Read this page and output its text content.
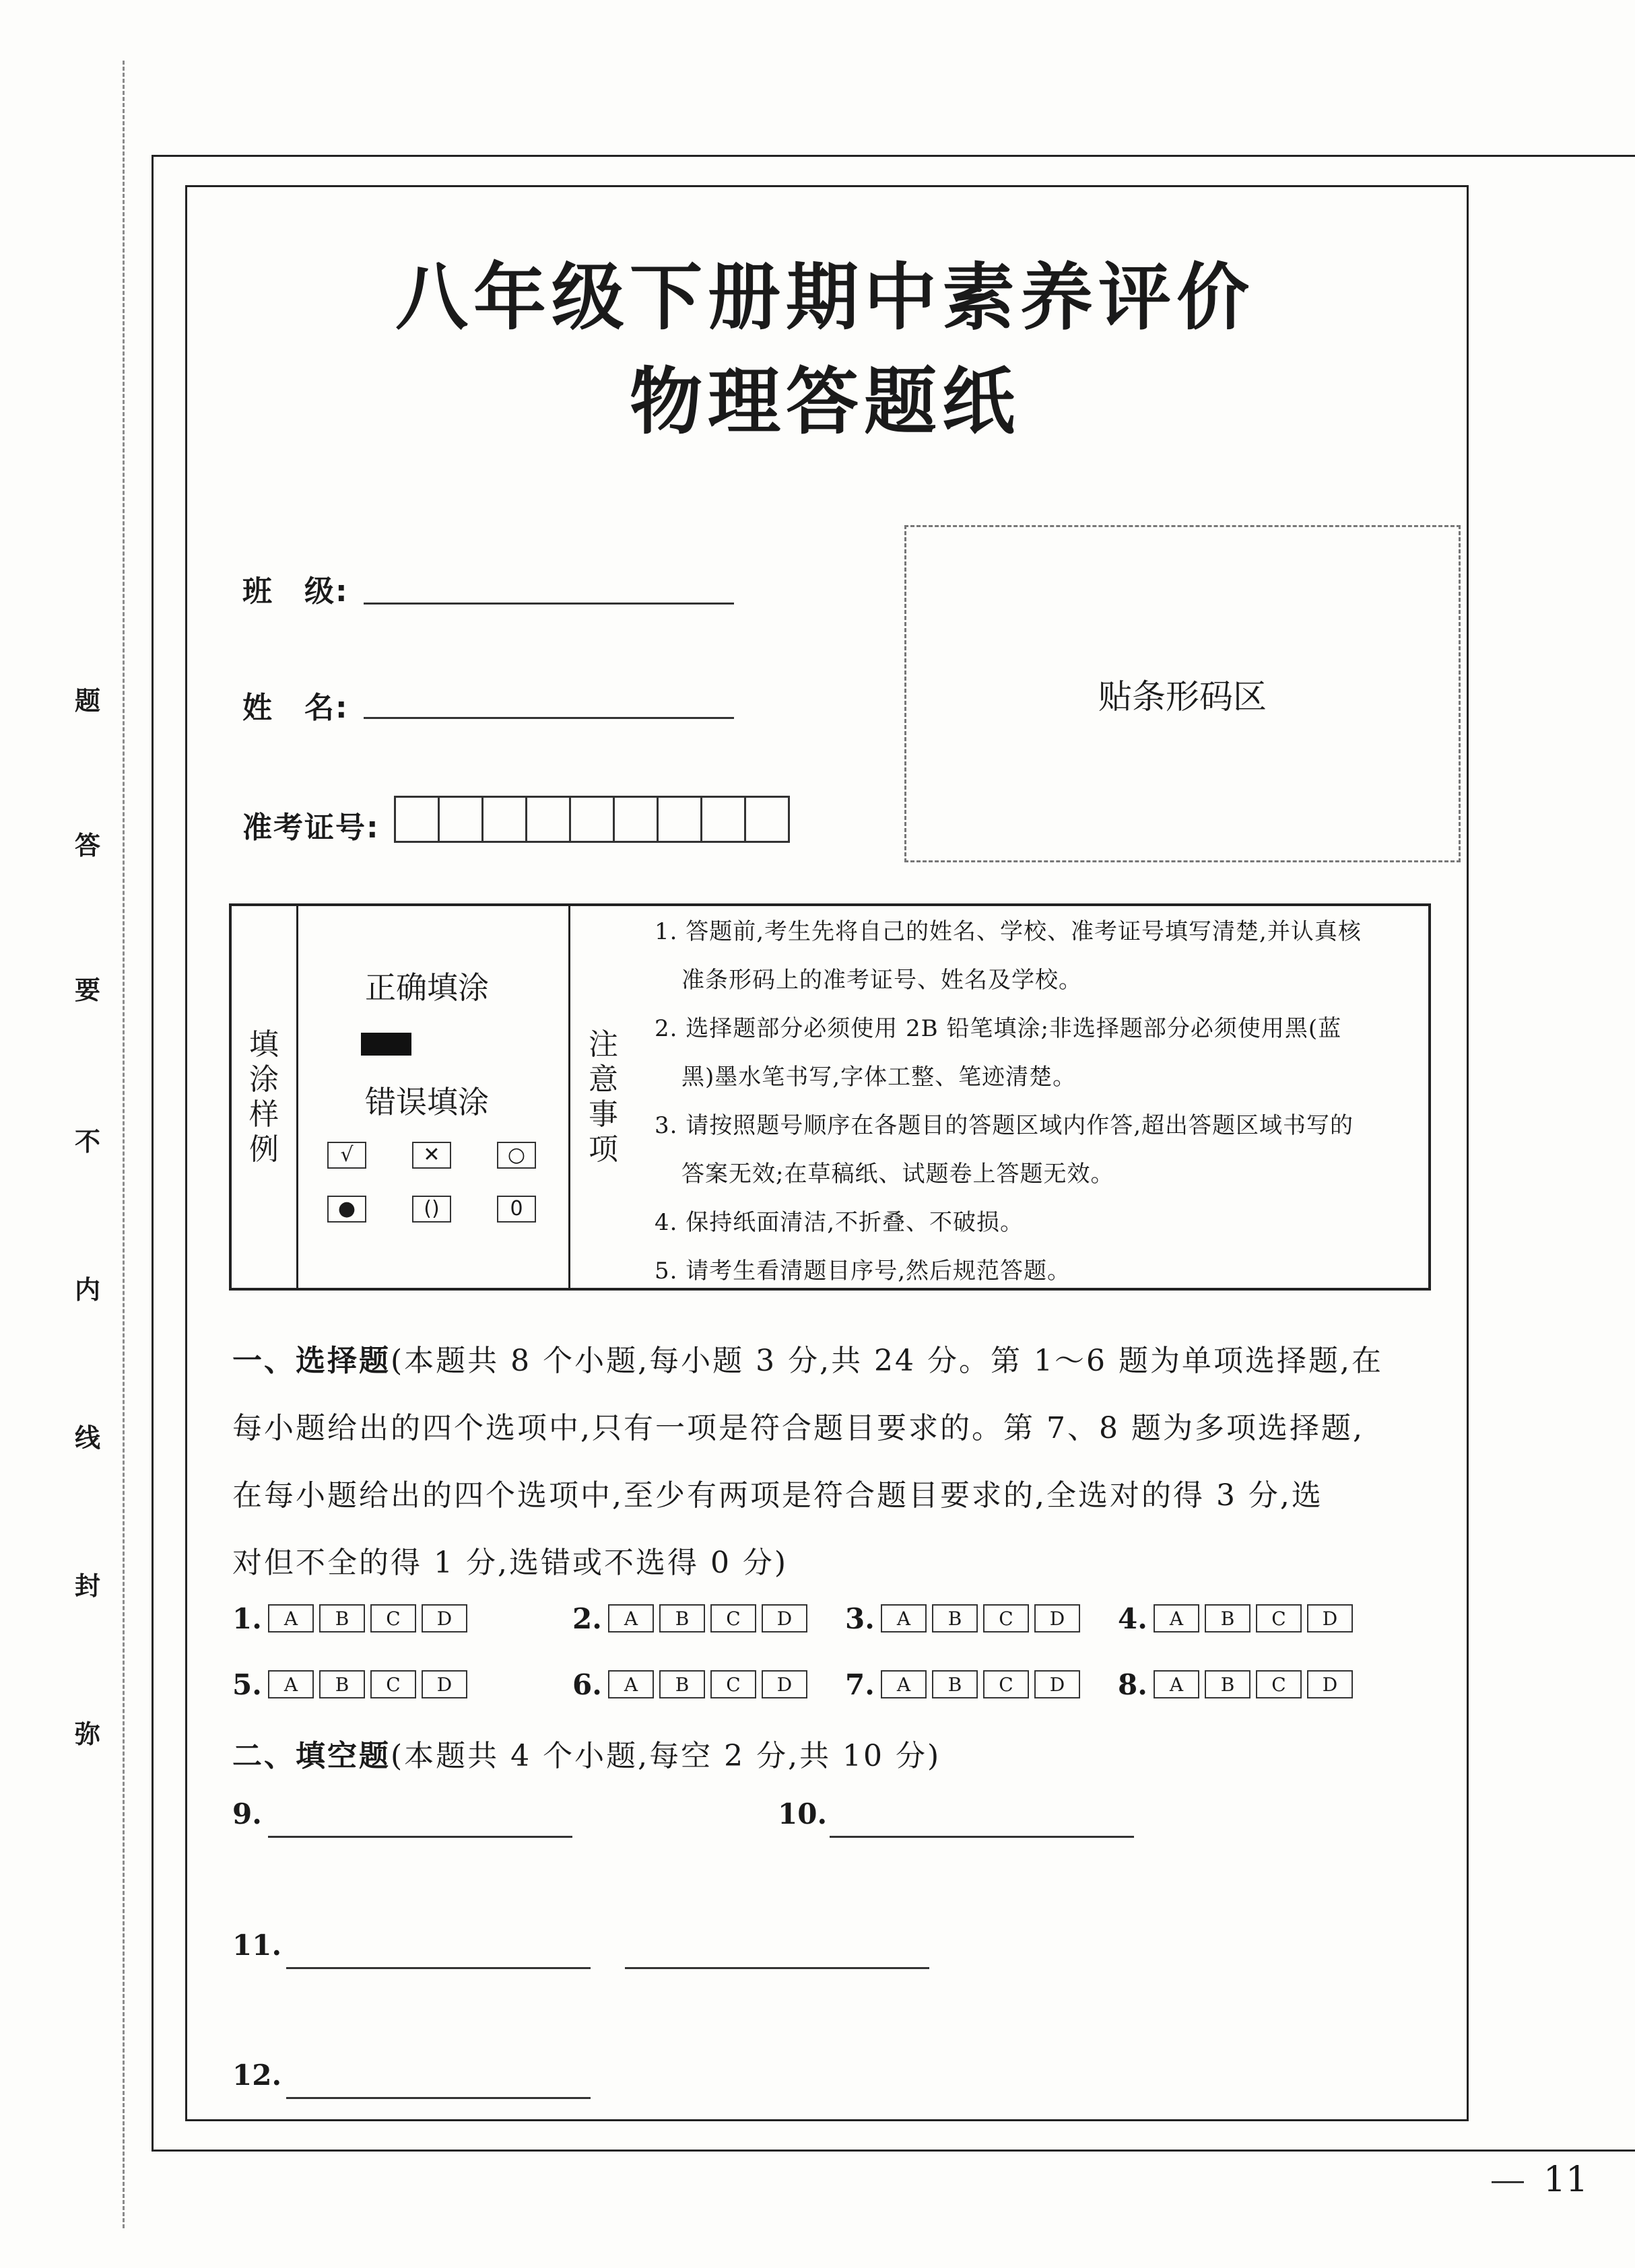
题
答
要
不
内
线
封
弥
八年级下册期中素养评价
物理答题纸
班　级:
姓　名:
准考证号:
贴条形码区
填
涂
样
例
正确填涂
错误填涂
√	✕	○
●	()	0
注
意
事
项
1. 答题前,考生先将自己的姓名、学校、准考证号填写清楚,并认真核
准条形码上的准考证号、姓名及学校。
2. 选择题部分必须使用 2B 铅笔填涂;非选择题部分必须使用黑(蓝
黑)墨水笔书写,字体工整、笔迹清楚。
3. 请按照题号顺序在各题目的答题区域内作答,超出答题区域书写的
答案无效;在草稿纸、试题卷上答题无效。
4. 保持纸面清洁,不折叠、不破损。
5. 请考生看清题目序号,然后规范答题。
一、选择题(本题共 8 个小题,每小题 3 分,共 24 分。第 1～6 题为单项选择题,在
每小题给出的四个选项中,只有一项是符合题目要求的。第 7、8 题为多项选择题,
在每小题给出的四个选项中,至少有两项是符合题目要求的,全选对的得 3 分,选
对但不全的得 1 分,选错或不选得 0 分)
1.	A	B	C	D	2.	A	B	C	D	3.	A	B	C	D	4.	A	B	C	D
5.	A	B	C	D	6.	A	B	C	D	7.	A	B	C	D	8.	A	B	C	D
二、填空题(本题共 4 个小题,每空 2 分,共 10 分)
9.	10.
11.
12.
11
